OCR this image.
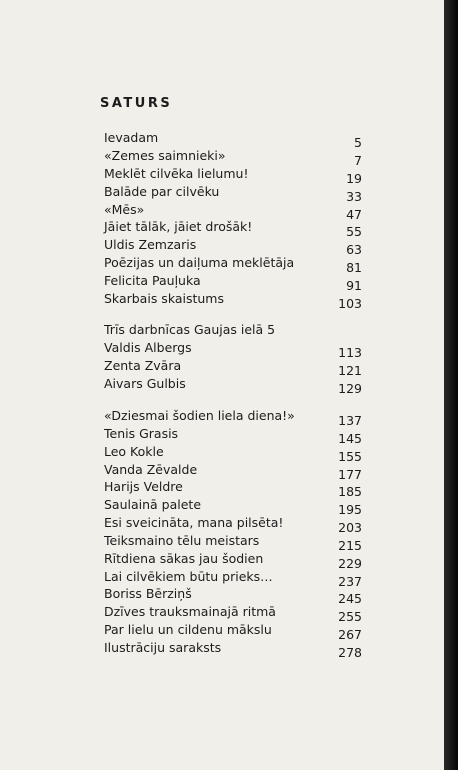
SATURS
Ievadam	5
«Zemes saimnieki»	7
Meklēt cilvēka lielumu!	19
Balāde par cilvēku	33
«Mēs»	47
Jāiet tālāk, jāiet drošāk!	55
Uldis Zemzaris	63
Poēzijas un daiļuma meklētāja	81
Felicita Pauļuka	91
Skarbais skaistums	103
Trīs darbnīcas Gaujas ielā 5
Valdis Albergs	113
Zenta Zvāra	121
Aivars Gulbis	129
«Dziesmai šodien liela diena!»	137
Tenis Grasis	145
Leo Kokle	155
Vanda Zēvalde	177
Harijs Veldre	185
Saulainā palete	195
Esi sveicināta, mana pilsēta!	203
Teiksmaino tēlu meistars	215
Rītdiena sākas jau šodien	229
Lai cilvēkiem būtu prieks…	237
Boriss Bērziņš	245
Dzīves trauksmainajā ritmā	255
Par lielu un cildenu mākslu	267
Ilustrāciju saraksts	278
